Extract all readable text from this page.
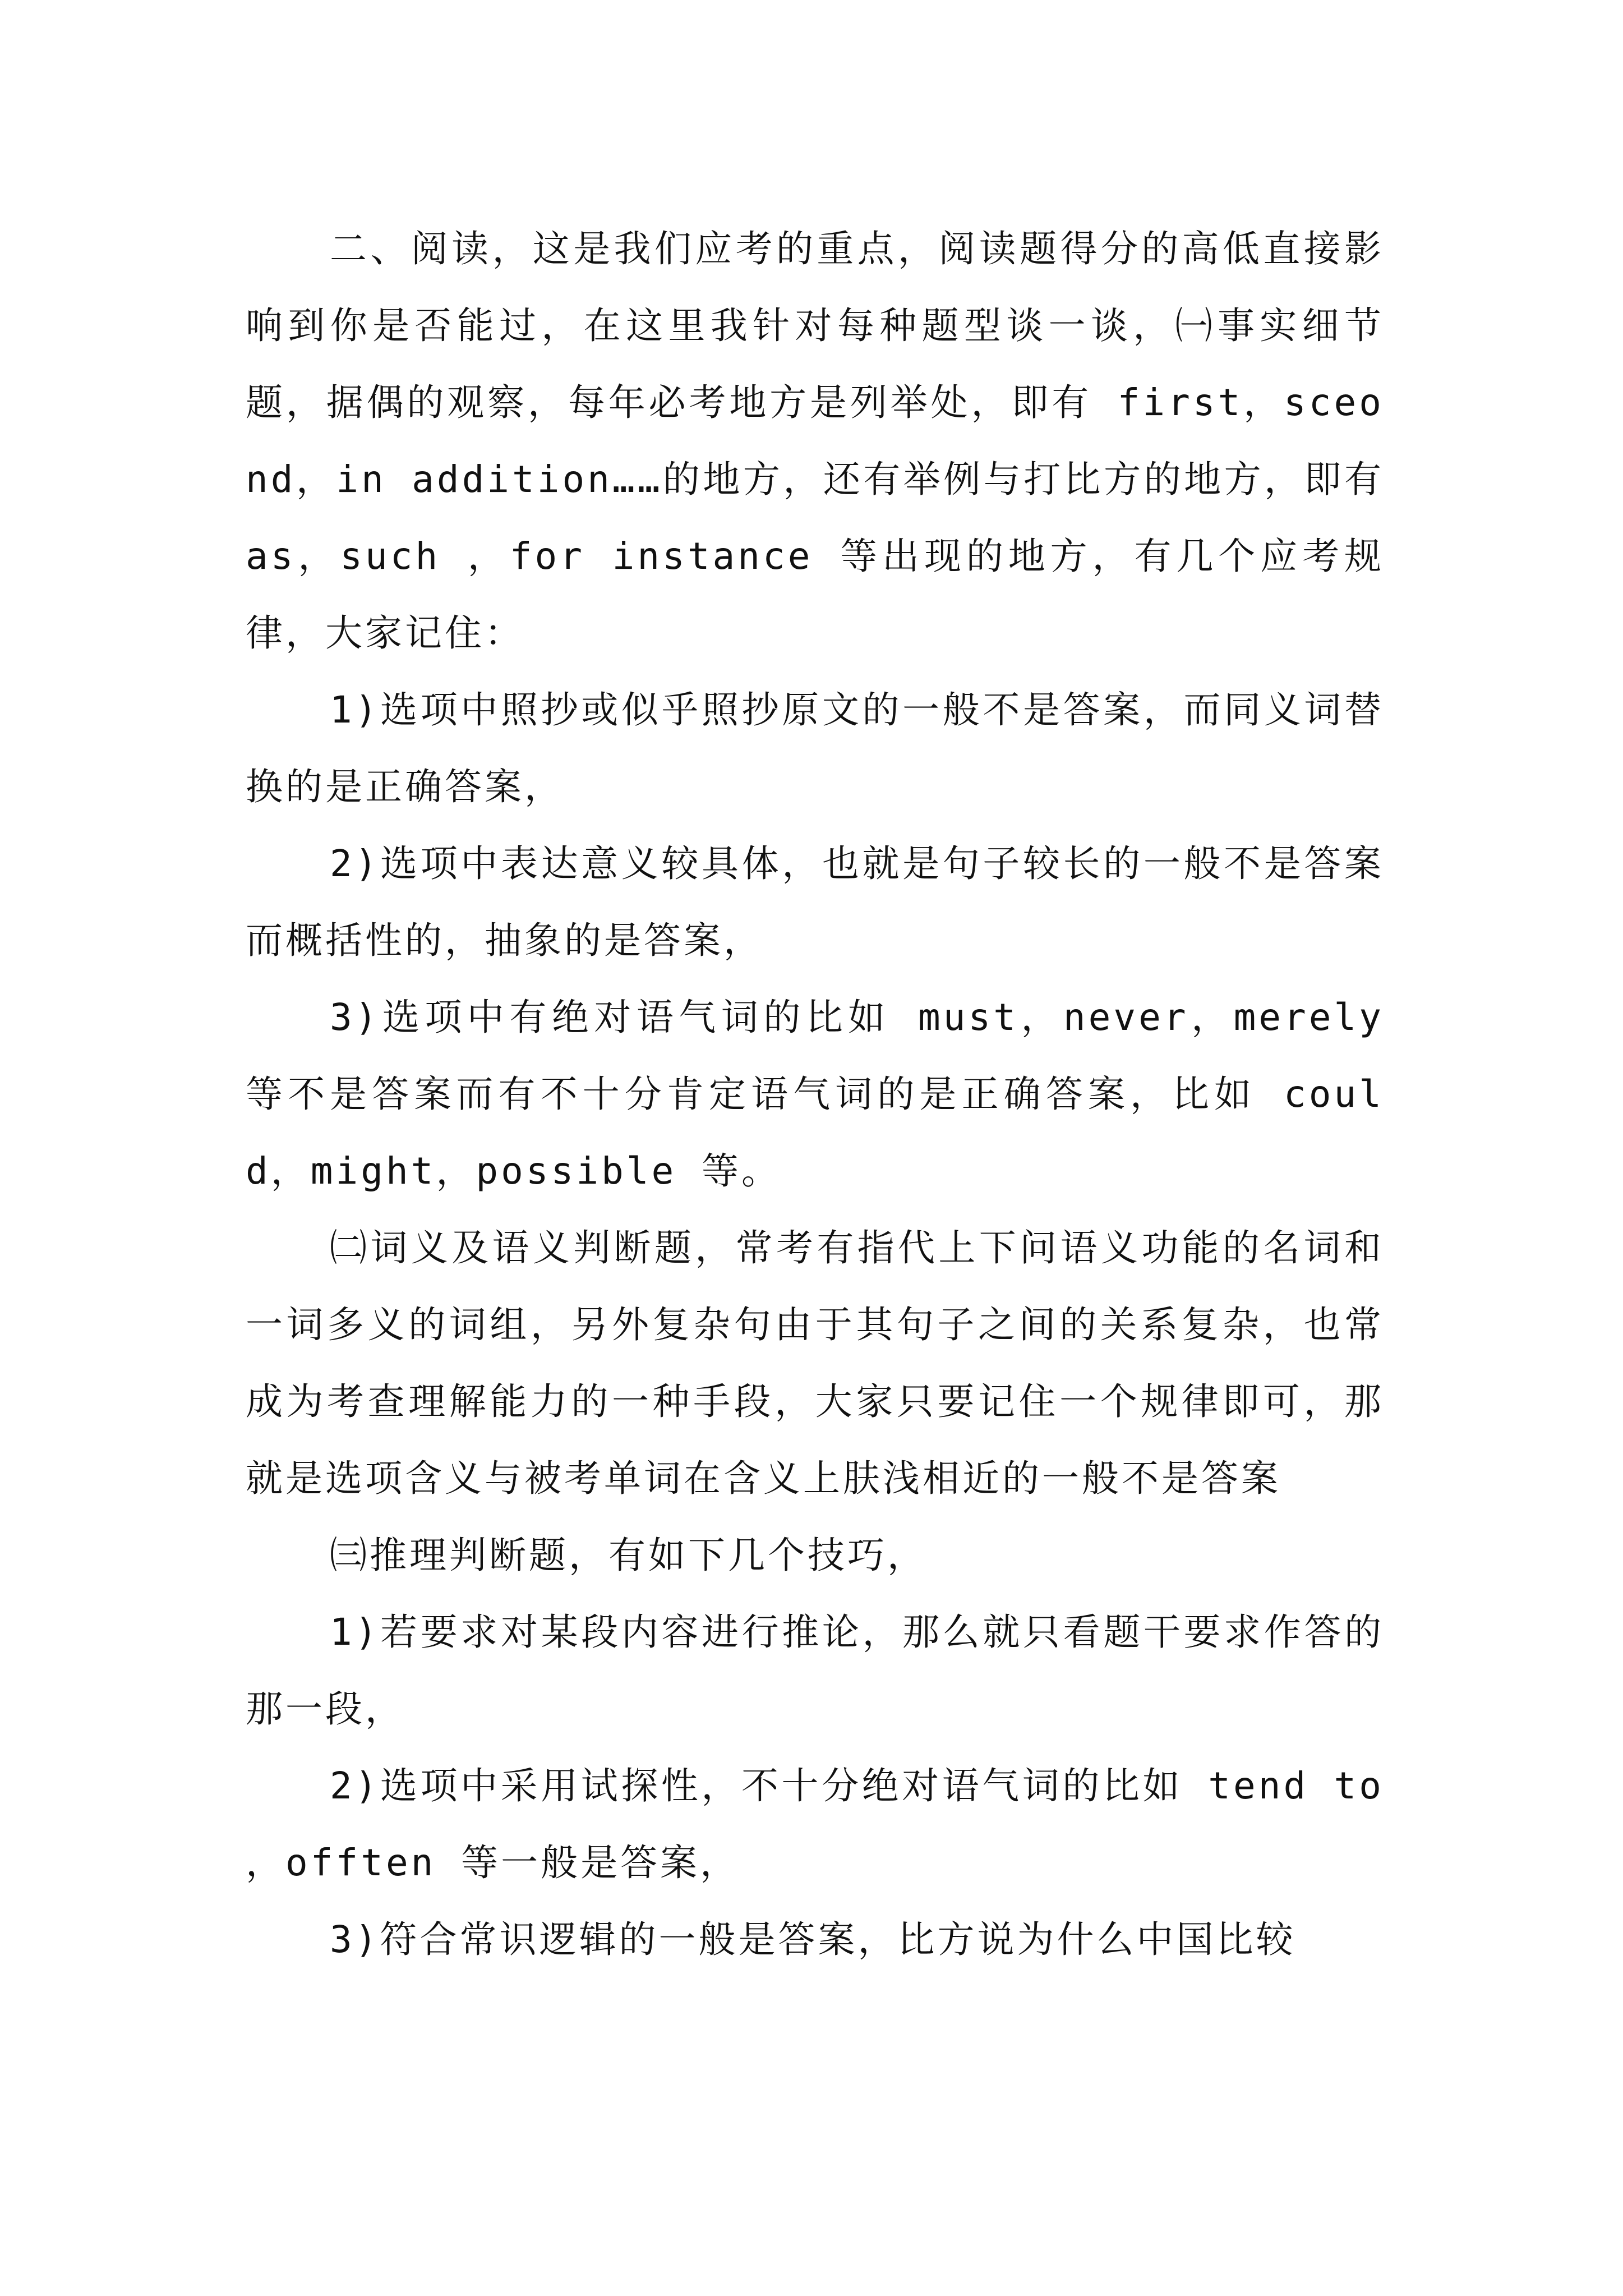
二、阅读，这是我们应考的重点，阅读题得分的高低直接影响到你是否能过，在这里我针对每种题型谈一谈，㈠事实细节题，据偶的观察，每年必考地方是列举处，即有 first，sceond，in addition……的地方，还有举例与打比方的地方，即有 as，such ，for instance 等出现的地方，有几个应考规律，大家记住：

1)选项中照抄或似乎照抄原文的一般不是答案，而同义词替换的是正确答案，

2)选项中表达意义较具体，也就是句子较长的一般不是答案而概括性的，抽象的是答案，

3)选项中有绝对语气词的比如 must，never，merely 等不是答案而有不十分肯定语气词的是正确答案，比如 could，might，possible 等。

㈡词义及语义判断题，常考有指代上下问语义功能的名词和一词多义的词组，另外复杂句由于其句子之间的关系复杂，也常成为考查理解能力的一种手段，大家只要记住一个规律即可，那就是选项含义与被考单词在含义上肤浅相近的一般不是答案

㈢推理判断题，有如下几个技巧，

1)若要求对某段内容进行推论，那么就只看题干要求作答的那一段，

2)选项中采用试探性，不十分绝对语气词的比如 tend to ，offten 等一般是答案，

3)符合常识逻辑的一般是答案，比方说为什么中国比较
